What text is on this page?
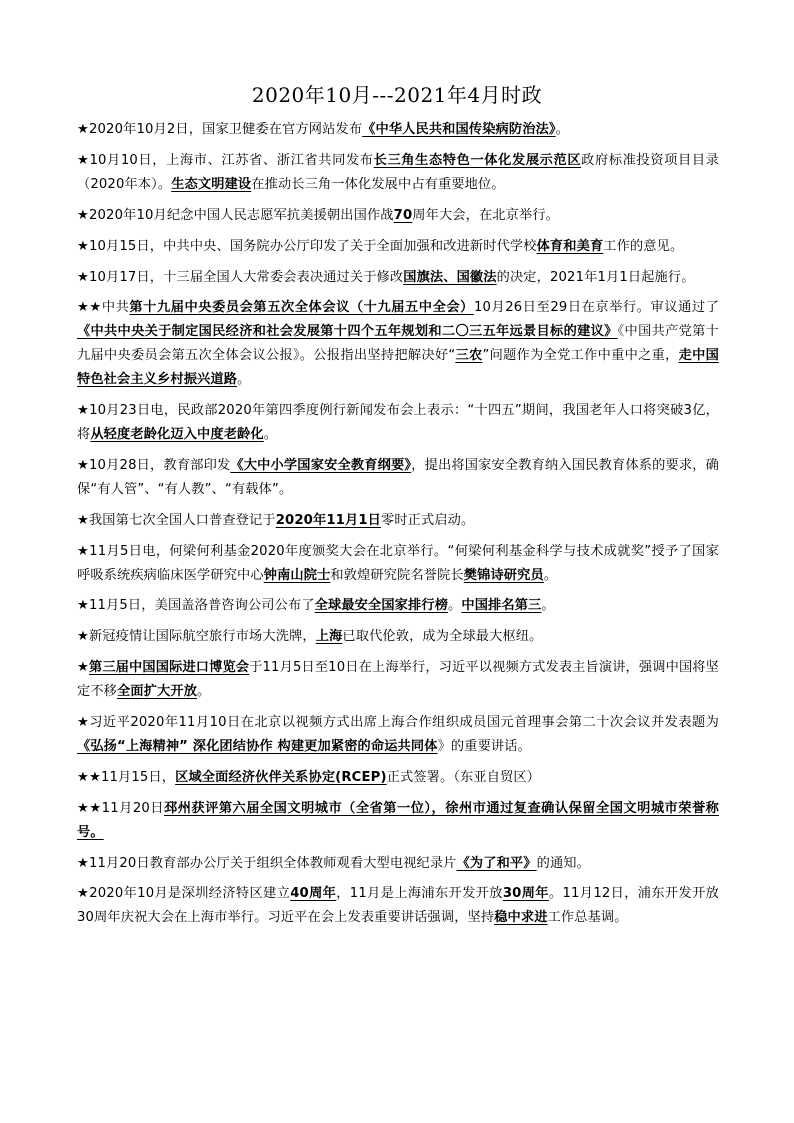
2020年10月---2021年4月时政

★2020年10月2日，国家卫健委在官方网站发布《中华人民共和国传染病防治法》。

★10月10日，上海市、江苏省、浙江省共同发布长三角生态特色一体化发展示范区政府标准投资项目目录（2020年本）。生态文明建设在推动长三角一体化发展中占有重要地位。

★2020年10月纪念中国人民志愿军抗美援朝出国作战70周年大会，在北京举行。

★10月15日，中共中央、国务院办公厅印发了关于全面加强和改进新时代学校体育和美育工作的意见。

★10月17日，十三届全国人大常委会表决通过关于修改国旗法、国徽法的决定，2021年1月1日起施行。

★★中共第十九届中央委员会第五次全体会议（十九届五中全会）10月26日至29日在京举行。审议通过了《中共中央关于制定国民经济和社会发展第十四个五年规划和二〇三五年远景目标的建议》《中国共产党第十九届中央委员会第五次全体会议公报》。公报指出坚持把解决好“三农”问题作为全党工作中重中之重，走中国特色社会主义乡村振兴道路。

★10月23日电，民政部2020年第四季度例行新闻发布会上表示：“十四五”期间，我国老年人口将突破3亿，将从轻度老龄化迈入中度老龄化。

★10月28日，教育部印发《大中小学国家安全教育纲要》，提出将国家安全教育纳入国民教育体系的要求，确保“有人管”、“有人教”、“有载体”。

★我国第七次全国人口普查登记于2020年11月1日零时正式启动。

★11月5日电，何梁何利基金2020年度颁奖大会在北京举行。“何梁何利基金科学与技术成就奖”授予了国家呼吸系统疾病临床医学研究中心钟南山院士和敦煌研究院名誉院长樊锦诗研究员。

★11月5日，美国盖洛普咨询公司公布了全球最安全国家排行榜。中国排名第三。

★新冠疫情让国际航空旅行市场大洗牌，上海已取代伦敦，成为全球最大枢纽。

★第三届中国国际进口博览会于11月5日至10日在上海举行，习近平以视频方式发表主旨演讲，强调中国将坚定不移全面扩大开放。

★习近平2020年11月10日在北京以视频方式出席上海合作组织成员国元首理事会第二十次会议并发表题为《弘扬“上海精神” 深化团结协作 构建更加紧密的命运共同体》的重要讲话。

★★11月15日，区域全面经济伙伴关系协定(RCEP)正式签署。（东亚自贸区）

★★11月20日邳州获评第六届全国文明城市（全省第一位），徐州市通过复查确认保留全国文明城市荣誉称号。

★11月20日教育部办公厅关于组织全体教师观看大型电视纪录片《为了和平》的通知。

★2020年10月是深圳经济特区建立40周年，11月是上海浦东开发开放30周年。11月12日，浦东开发开放30周年庆祝大会在上海市举行。习近平在会上发表重要讲话强调，坚持稳中求进工作总基调。
